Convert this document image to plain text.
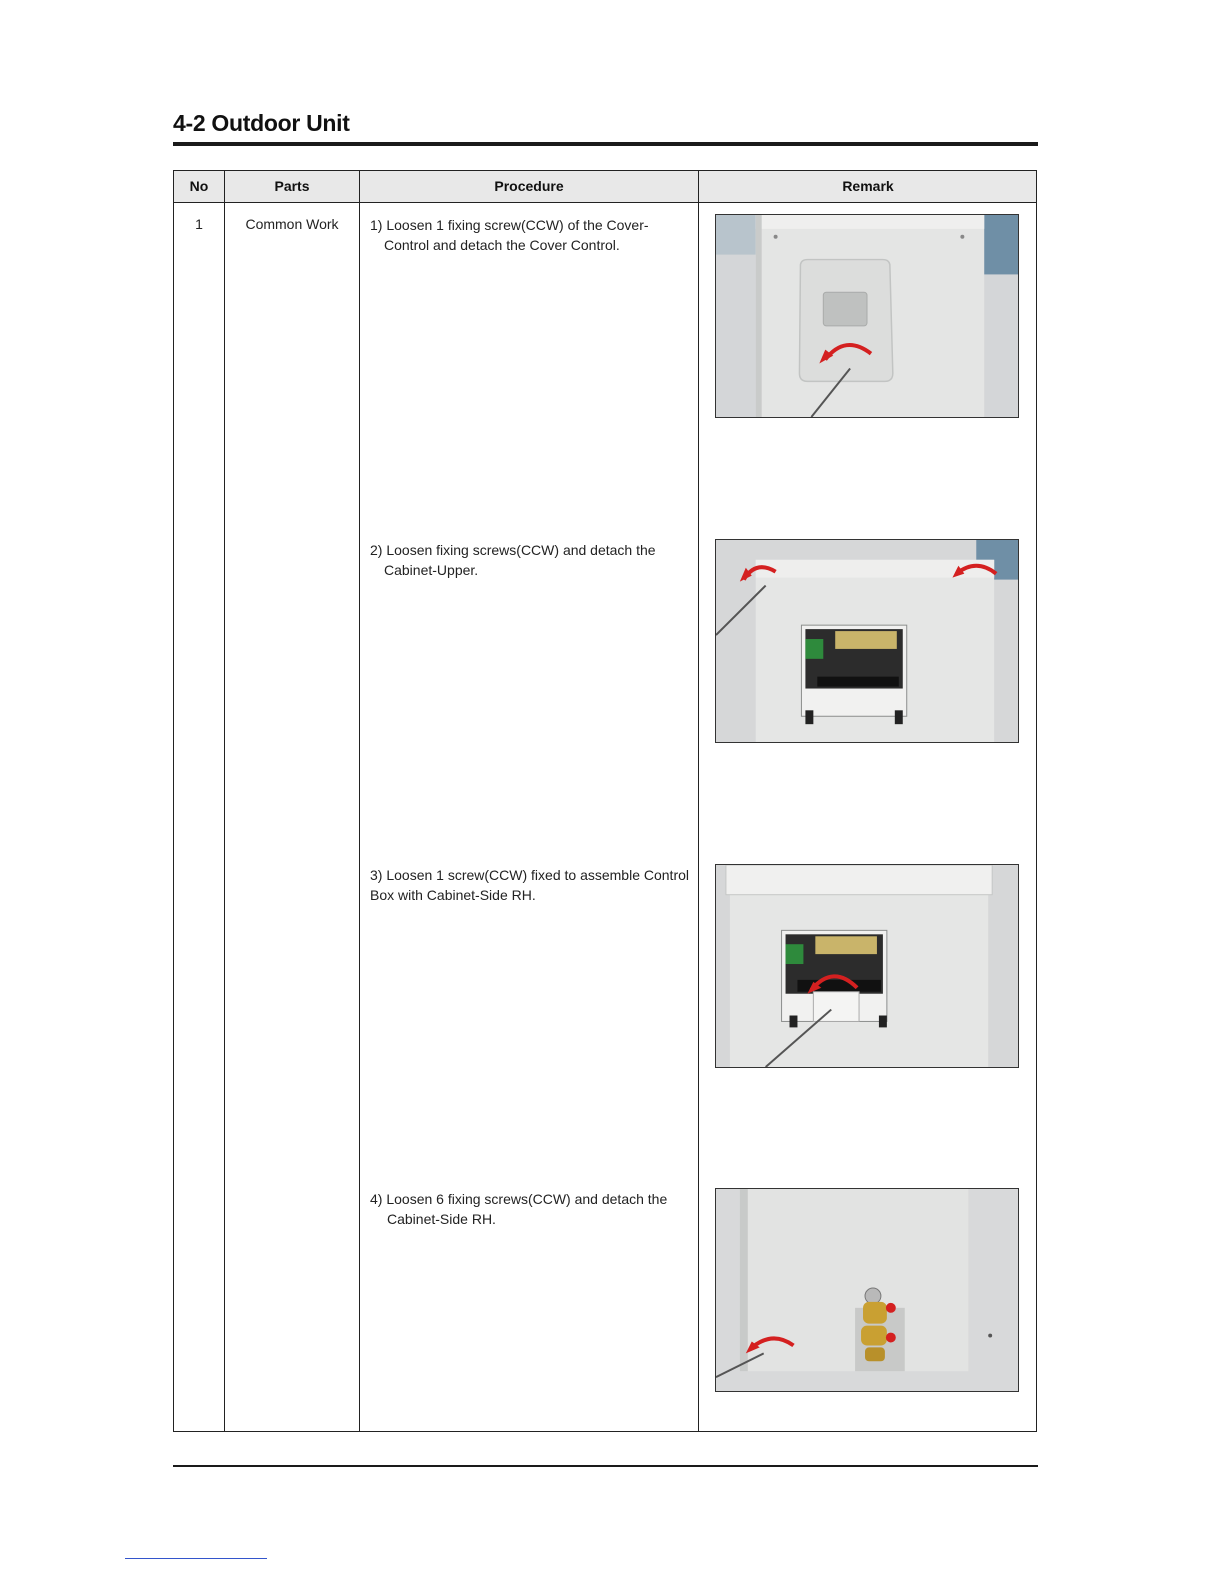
4-2 Outdoor Unit
No	Parts	Procedure	Remark
1	Common Work	1) Loosen 1 fixing screw(CCW) of the Cover-
Control and detach the Cover Control.
2) Loosen fixing screws(CCW) and detach the
Cabinet-Upper.
3) Loosen 1 screw(CCW) fixed to assemble Control
Box with Cabinet-Side RH.
4) Loosen 6 fixing screws(CCW) and detach the
Cabinet-Side RH.
